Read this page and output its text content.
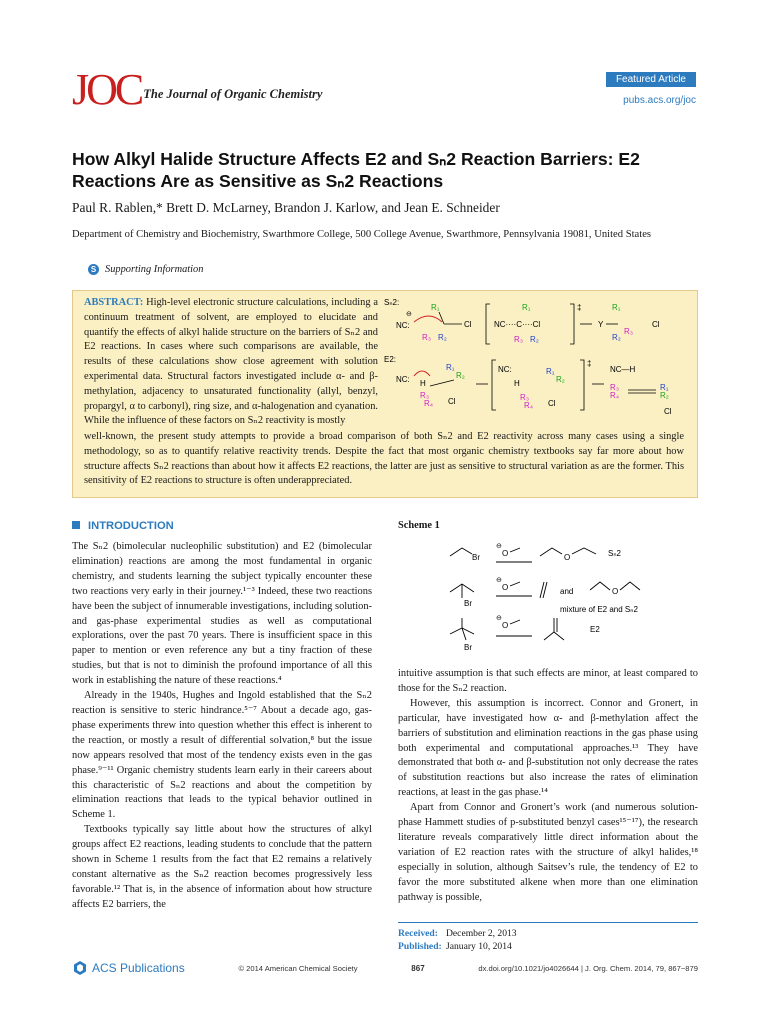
JOC The Journal of Organic Chemistry
Featured Article
pubs.acs.org/joc
How Alkyl Halide Structure Affects E2 and Sₙ2 Reaction Barriers: E2 Reactions Are as Sensitive as Sₙ2 Reactions
Paul R. Rablen,* Brett D. McLarney, Brandon J. Karlow, and Jean E. Schneider
Department of Chemistry and Biochemistry, Swarthmore College, 500 College Avenue, Swarthmore, Pennsylvania 19081, United States
S Supporting Information
ABSTRACT: High-level electronic structure calculations, including a continuum treatment of solvent, are employed to elucidate and quantify the effects of alkyl halide structure on the barriers of Sₙ2 and E2 reactions. In cases where such comparisons are available, the results of these calculations show close agreement with solution experimental data. Structural factors investigated include α- and β-methylation, adjacency to unsaturated functionality (allyl, benzyl, propargyl, α to carbonyl), ring size, and α-halogenation and cyanation. While the influence of these factors on Sₙ2 reactivity is mostly
well-known, the present study attempts to provide a broad comparison of both Sₙ2 and E2 reactivity across many cases using a single methodology, so as to quantify relative reactivity trends. Despite the fact that most organic chemistry textbooks say far more about how structure affects Sₙ2 reactions than about how it affects E2 reactions, the latter are just as sensitive to structural variation as are the former. This sensitivity of E2 reactions to structure is often underappreciated.
Sₙ2:
NC:
⊖
R₁
R₃ R₂
Cl
‡
NC····C····Cl
R₁
R₃ R₂
Y
R₁
R₂
R₃
Cl
E2:
NC: H
R₁
R₂
R₃
R₄ Cl
‡
NC:
H
R₁
R₂
R₃
R₄ Cl
NC—H
R₃
R₄
R₁
R₂
Cl
INTRODUCTION

The Sₙ2 (bimolecular nucleophilic substitution) and E2 (bimolecular elimination) reactions are among the most fundamental in organic chemistry, and students learning the subject typically encounter these two reactions very early in their journey.¹⁻³ Indeed, these two reactions have been the subject of innumerable investigations, including solution- and gas-phase experimental studies as well as computational explorations, over the past 70 years. There is insufficient space in this paper to mention or even reference any but a tiny fraction of these studies, but that is not to diminish the profound importance of all this work in establishing the nature of these reactions.⁴

Already in the 1940s, Hughes and Ingold established that the Sₙ2 reaction is sensitive to steric hindrance.⁵⁻⁷ About a decade ago, gas-phase experiments threw into question whether this effect is inherent to the reaction, or mostly a result of differential solvation,⁸ but the issue now appears resolved that most of the tendency exists even in the gas phase.⁹⁻¹¹ Organic chemistry students learn early in their careers about this characteristic of Sₙ2 reactions and about the competition by elimination reactions that leads to the typical behavior outlined in Scheme 1.

Textbooks typically say little about how the structures of alkyl groups affect E2 reactions, leading students to conclude that the pattern shown in Scheme 1 results from the fact that E2 remains a relatively constant alternative as the Sₙ2 reaction becomes progressively less favorable.¹² That is, in the absence of information about how structure affects E2 barriers, the

Scheme 1
Br
⊖
O	O	Sₙ2
Br
⊖
O	and	O
mixture of E2 and Sₙ2
Br
⊖
O	E2

intuitive assumption is that such effects are minor, at least compared to those for the Sₙ2 reaction.

However, this assumption is incorrect. Connor and Gronert, in particular, have investigated how α- and β-methylation affect the barriers of substitution and elimination reactions in the gas phase using both experimental and computational approaches.¹³ They have demonstrated that both α- and β-substitution not only decrease the rates of substitution reactions but also increase the rates of elimination reactions, at least in the gas phase.¹⁴

Apart from Connor and Gronert’s work (and numerous solution-phase Hammett studies of p-substituted benzyl cases¹⁵⁻¹⁷), the research literature reveals comparatively little direct information about the variation of E2 reaction rates with the structure of alkyl halides,¹⁸ especially in solution, although Saitsev’s rule, the tendency of E2 to favor the more substituted alkene when more than one elimination pathway is possible,

Received: December 2, 2013
Published: January 10, 2014
ACS Publications	© 2014 American Chemical Society	867	dx.doi.org/10.1021/jo4026644 | J. Org. Chem. 2014, 79, 867−879
